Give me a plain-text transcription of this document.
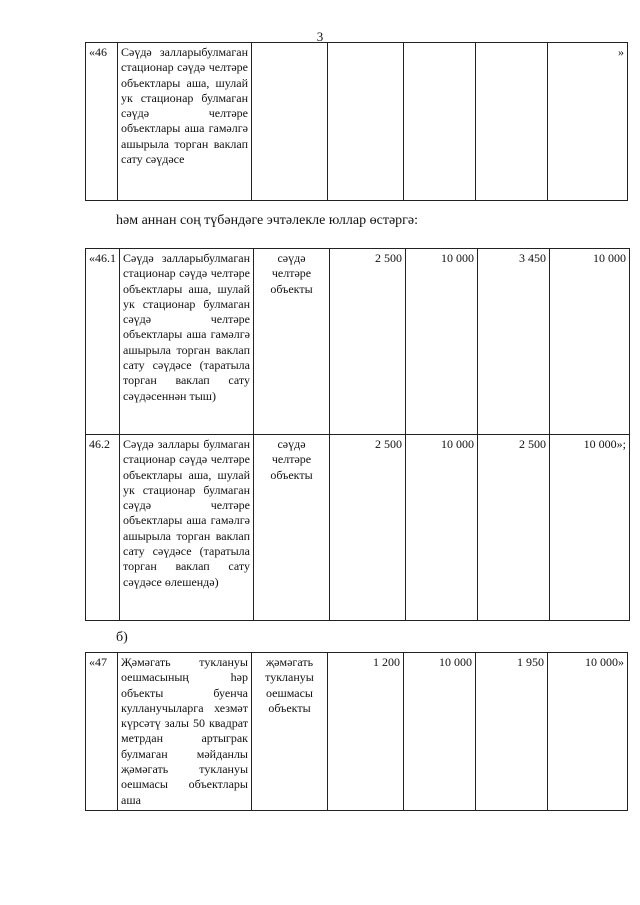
3
«46	Сәүдә залларыбулмаган стационар сәүдә челтәре объектлары аша, шулай ук стационар булмаган сәүдә челтәре объектлары аша гамәлгә ашырыла торган ваклап сату сәүдәсе					»
һәм аннан соң түбәндәге эчтәлекле юллар өстәргә:
«46.1	Сәүдә залларыбулмаган стационар сәүдә челтәре объектлары аша, шулай ук стационар булмаган сәүдә челтәре объектлары аша гамәлгә ашырыла торган ваклап сату сәүдәсе (таратыла торган ваклап сату сәүдәсеннән тыш)	сәүдә челтәре объекты	2 500	10 000	3 450	10 000
46.2	Сәүдә заллары булмаган стационар сәүдә челтәре объектлары аша, шулай ук стационар булмаган сәүдә челтәре объектлары аша гамәлгә ашырыла торган ваклап сату сәүдәсе (таратыла торган ваклап сату сәүдәсе өлешендә)	сәүдә челтәре объекты	2 500	10 000	2 500	10 000»;
б)
«47	Җәмәгать туклануы оешмасының һәр объекты буенча кулланучыларга хезмәт күрсәтү залы 50 квадрат метрдан артыграк булмаган мәйданлы җәмәгать туклануы оешмасы объектлары аша	җәмәгать туклануы оешмасы объекты	1 200	10 000	1 950	10 000»
